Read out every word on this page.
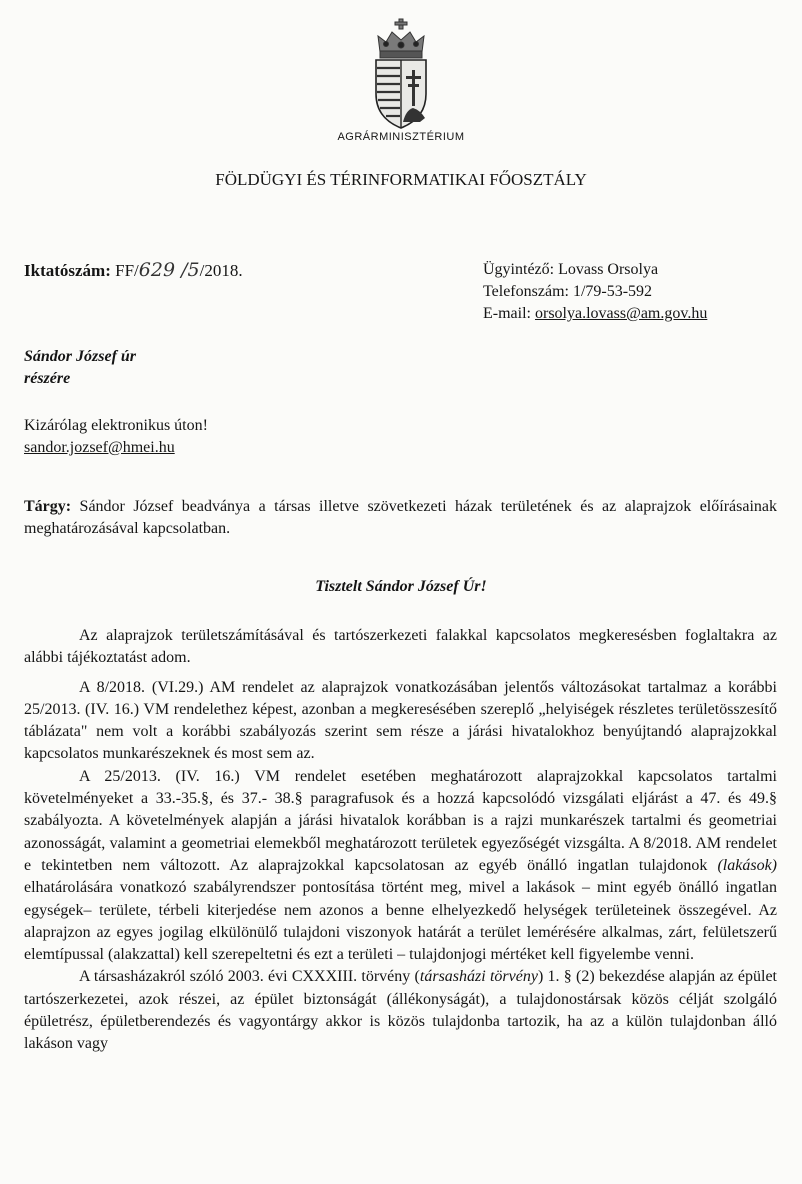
AGRÁRMINISZTÉRIUM
FÖLDÜGYI ÉS TÉRINFORMATIKAI FŐOSZTÁLY
Iktatószám: FF/629 /5/2018.	Ügyintéző: Lovass Orsolya
Telefonszám: 1/79-53-592
E-mail: orsolya.lovass@am.gov.hu
Sándor József úr
részére
Kizárólag elektronikus úton!
sandor.jozsef@hmei.hu
Tárgy: Sándor József beadványa a társas illetve szövetkezeti házak területének és az alaprajzok előírásainak meghatározásával kapcsolatban.
Tisztelt Sándor József Úr!

Az alaprajzok területszámításával és tartószerkezeti falakkal kapcsolatos megkeresésben foglaltakra az alábbi tájékoztatást adom.

A 8/2018. (VI.29.) AM rendelet az alaprajzok vonatkozásában jelentős változásokat tartalmaz a korábbi 25/2013. (IV. 16.) VM rendelethez képest, azonban a megkeresésében szereplő „helyiségek részletes területösszesítő táblázata" nem volt a korábbi szabályozás szerint sem része a járási hivatalokhoz benyújtandó alaprajzokkal kapcsolatos munkarészeknek és most sem az.

A 25/2013. (IV. 16.) VM rendelet esetében meghatározott alaprajzokkal kapcsolatos tartalmi követelményeket a 33.-35.§, és 37.- 38.§ paragrafusok és a hozzá kapcsolódó vizsgálati eljárást a 47. és 49.§ szabályozta. A követelmények alapján a járási hivatalok korábban is a rajzi munkarészek tartalmi és geometriai azonosságát, valamint a geometriai elemekből meghatározott területek egyezőségét vizsgálta. A 8/2018. AM rendelet e tekintetben nem változott. Az alaprajzokkal kapcsolatosan az egyéb önálló ingatlan tulajdonok (lakások) elhatárolására vonatkozó szabályrendszer pontosítása történt meg, mivel a lakások – mint egyéb önálló ingatlan egységek– területe, térbeli kiterjedése nem azonos a benne elhelyezkedő helységek területeinek összegével. Az alaprajzon az egyes jogilag elkülönülő tulajdoni viszonyok határát a terület lemérésére alkalmas, zárt, felületszerű elemtípussal (alakzattal) kell szerepeltetni és ezt a területi – tulajdonjogi mértéket kell figyelembe venni.

A társasházakról szóló 2003. évi CXXXIII. törvény (társasházi törvény) 1. § (2) bekezdése alapján az épület tartószerkezetei, azok részei, az épület biztonságát (állékonyságát), a tulajdonostársak közös célját szolgáló épületrész, épületberendezés és vagyontárgy akkor is közös tulajdonba tartozik, ha az a külön tulajdonban álló lakáson vagy
